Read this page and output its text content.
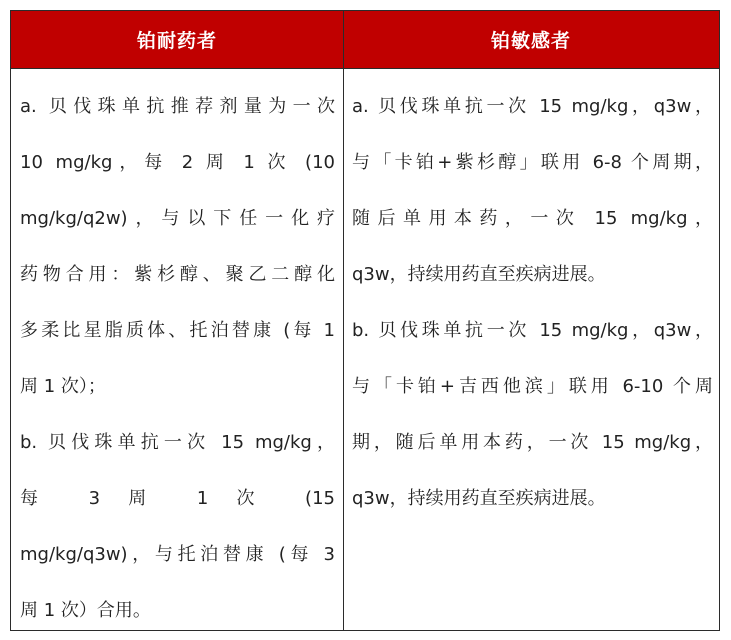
铂耐药者	铂敏感者
a. 贝伐珠单抗推荐剂量为一次
10 mg/kg，每 2 周 1 次 (10
mg/kg/q2w)，与以下任一化疗
药物合用：紫杉醇、聚乙二醇化
多柔比星脂质体、托泊替康 (每 1
周 1 次）；
b. 贝伐珠单抗一次 15 mg/kg，
每 3 周 1 次 (15
mg/kg/q3w)，与托泊替康 (每 3
周 1 次）合用。
a. 贝伐珠单抗一次 15 mg/kg，q3w，
与「卡铂+紫杉醇」联用 6-8 个周期，
随后单用本药，一次 15 mg/kg，
q3w，持续用药直至疾病进展。
b. 贝伐珠单抗一次 15 mg/kg，q3w，
与「卡铂+吉西他滨」联用 6-10 个周
期，随后单用本药，一次 15 mg/kg，
q3w，持续用药直至疾病进展。
